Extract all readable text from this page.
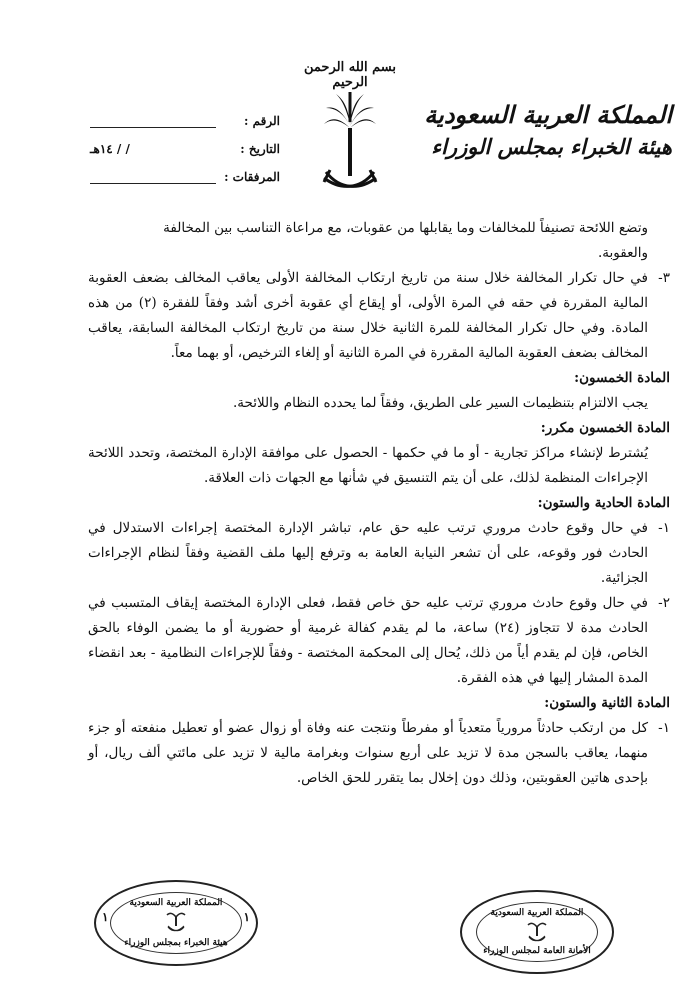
بسم الله الرحمن الرحيم
المملكة العربية السعودية
هيئة الخبراء بمجلس الوزراء
الرقم :
التاريخ :
/ / ١٤هـ
المرفقات :

وتضع اللائحة تصنيفاً للمخالفات وما يقابلها من عقوبات، مع مراعاة التناسب بين المخالفة

والعقوبة.

٣-
في حال تكرار المخالفة خلال سنة من تاريخ ارتكاب المخالفة الأولى يعاقب المخالف بضعف العقوبة المالية المقررة في حقه في المرة الأولى، أو إيقاع أي عقوبة أخرى أشد وفقاً للفقرة (٢) من هذه المادة. وفي حال تكرار المخالفة للمرة الثانية خلال سنة من تاريخ ارتكاب المخالفة السابقة، يعاقب المخالف بضعف العقوبة المالية المقررة في المرة الثانية أو إلغاء الترخيص، أو بهما معاً.

المادة الخمسون:

يجب الالتزام بتنظيمات السير على الطريق، وفقاً لما يحدده النظام واللائحة.

المادة الخمسون مكرر:

يُشترط لإنشاء مراكز تجارية - أو ما في حكمها - الحصول على موافقة الإدارة المختصة، وتحدد اللائحة الإجراءات المنظمة لذلك، على أن يتم التنسيق في شأنها مع الجهات ذات العلاقة.

المادة الحادية والستون:

١-
في حال وقوع حادث مروري ترتب عليه حق عام، تباشر الإدارة المختصة إجراءات الاستدلال في الحادث فور وقوعه، على أن تشعر النيابة العامة به وترفع إليها ملف القضية وفقاً لنظام الإجراءات الجزائية.
٢-
في حال وقوع حادث مروري ترتب عليه حق خاص فقط، فعلى الإدارة المختصة إيقاف المتسبب في الحادث مدة لا تتجاوز (٢٤) ساعة، ما لم يقدم كفالة غرمية أو حضورية أو ما يضمن الوفاء بالحق الخاص، فإن لم يقدم أياً من ذلك، يُحال إلى المحكمة المختصة - وفقاً للإجراءات النظامية - بعد انقضاء المدة المشار إليها في هذه الفقرة.

المادة الثانية والستون:

١-
كل من ارتكب حادثاً مرورياً متعدياً أو مفرطاً ونتجت عنه وفاة أو زوال عضو أو تعطيل منفعته أو جزء منهما، يعاقب بالسجن مدة لا تزيد على أربع سنوات وبغرامة مالية لا تزيد على مائتي ألف ريال، أو بإحدى هاتين العقوبتين، وذلك دون إخلال بما يتقرر للحق الخاص.
المملكة العربية السعودية
الأمانة العامة لمجلس الوزراء
المملكة العربية السعودية
هيئة الخبراء بمجلس الوزراء
١	١
